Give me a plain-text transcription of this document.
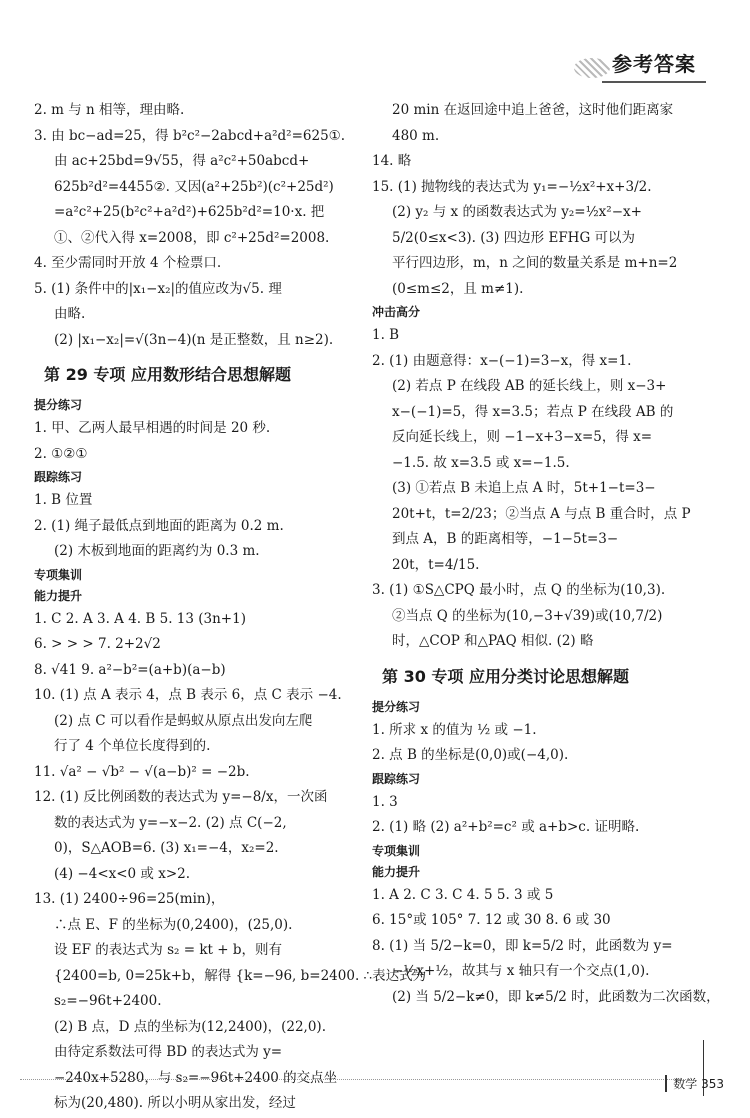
参考答案
2. m 与 n 相等，理由略.
3. 由 bc−ad=25，得 b²c²−2abcd+a²d²=625①.
由 ac+25bd=9√55，得 a²c²+50abcd+
625b²d²=4455②. 又因(a²+25b²)(c²+25d²)
=a²c²+25(b²c²+a²d²)+625b²d²=10·x. 把
①、②代入得 x=2008，即 c²+25d²=2008.
4. 至少需同时开放 4 个检票口.
5. (1) 条件中的|x₁−x₂|的值应改为√5. 理
由略.
(2) |x₁−x₂|=√(3n−4)(n 是正整数，且 n≥2).
第 29 专项 应用数形结合思想解题
提分练习
1. 甲、乙两人最早相遇的时间是 20 秒.
2. ①②①
跟踪练习
1. B 位置
2. (1) 绳子最低点到地面的距离为 0.2 m.
(2) 木板到地面的距离约为 0.3 m.
专项集训
能力提升
1. C 2. A 3. A 4. B 5. 13 (3n+1)
6. > > > 7. 2+2√2
8. √41 9. a²−b²=(a+b)(a−b)
10. (1) 点 A 表示 4，点 B 表示 6，点 C 表示 −4.
(2) 点 C 可以看作是蚂蚁从原点出发向左爬
行了 4 个单位长度得到的.
11. √a² − √b² − √(a−b)² = −2b.
12. (1) 反比例函数的表达式为 y=−8/x，一次函
数的表达式为 y=−x−2. (2) 点 C(−2,
0)，S△AOB=6. (3) x₁=−4，x₂=2.
(4) −4<x<0 或 x>2.
13. (1) 2400÷96=25(min)，
∴点 E、F 的坐标为(0,2400)，(25,0).
设 EF 的表达式为 s₂ = kt + b，则有
{2400=b, 0=25k+b，解得 {k=−96, b=2400. ∴表达式为
s₂=−96t+2400.
(2) B 点，D 点的坐标为(12,2400)，(22,0).
由待定系数法可得 BD 的表达式为 y=
−240x+5280，与 s₂=−96t+2400 的交点坐
标为(20,480). 所以小明从家出发，经过
20 min 在返回途中追上爸爸，这时他们距离家
480 m.
14. 略
15. (1) 抛物线的表达式为 y₁=−½x²+x+3/2.
(2) y₂ 与 x 的函数表达式为 y₂=½x²−x+
5/2(0≤x<3). (3) 四边形 EFHG 可以为
平行四边形，m，n 之间的数量关系是 m+n=2
(0≤m≤2，且 m≠1).
冲击高分
1. B
2. (1) 由题意得：x−(−1)=3−x，得 x=1.
(2) 若点 P 在线段 AB 的延长线上，则 x−3+
x−(−1)=5，得 x=3.5；若点 P 在线段 AB 的
反向延长线上，则 −1−x+3−x=5，得 x=
−1.5. 故 x=3.5 或 x=−1.5.
(3) ①若点 B 未追上点 A 时，5t+1−t=3−
20t+t，t=2/23；②当点 A 与点 B 重合时，点 P
到点 A，B 的距离相等，−1−5t=3−
20t，t=4/15.
3. (1) ①S△CPQ 最小时，点 Q 的坐标为(10,3).
②当点 Q 的坐标为(10,−3+√39)或(10,7/2)
时，△COP 和△PAQ 相似. (2) 略
第 30 专项 应用分类讨论思想解题
提分练习
1. 所求 x 的值为 ½ 或 −1.
2. 点 B 的坐标是(0,0)或(−4,0).
跟踪练习
1. 3
2. (1) 略 (2) a²+b²=c² 或 a+b>c. 证明略.
专项集训
能力提升
1. A 2. C 3. C 4. 5 5. 3 或 5
6. 15°或 105° 7. 12 或 30 8. 6 或 30
8. (1) 当 5/2−k=0，即 k=5/2 时，此函数为 y=
−½x+½，故其与 x 轴只有一个交点(1,0).
(2) 当 5/2−k≠0，即 k≠5/2 时，此函数为二次函数，
数学 353
